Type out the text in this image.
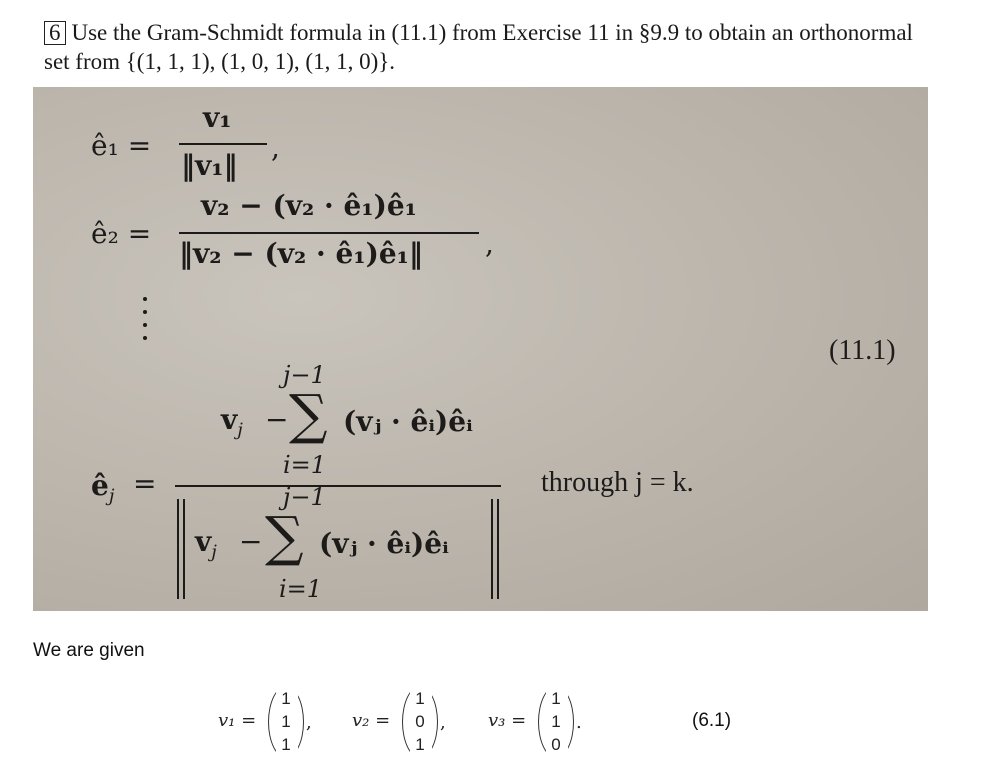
6 Use the Gram-Schmidt formula in (11.1) from Exercise 11 in §9.9 to obtain an orthonormal set from {(1, 1, 1), (1, 0, 1), (1, 1, 0)}.

ê₁ =
v₁
‖v₁‖
,
ê₂ =
v₂ − (v₂ · ê₁)ê₁
‖v₂ − (v₂ · ê₁)ê₁‖ ,
(11.1)
j−1
$v_j$ − ∑ (vⱼ · êᵢ)êᵢ
i=1
$ê_j$ =	through j = k.
j−1
$v_j$ − ∑ (vⱼ · êᵢ)êᵢ
i=1
We are given
v₁ =
1
1
1
, v₂ =
1
0
1
, v₃ =
1
1
0
.	(6.1)
